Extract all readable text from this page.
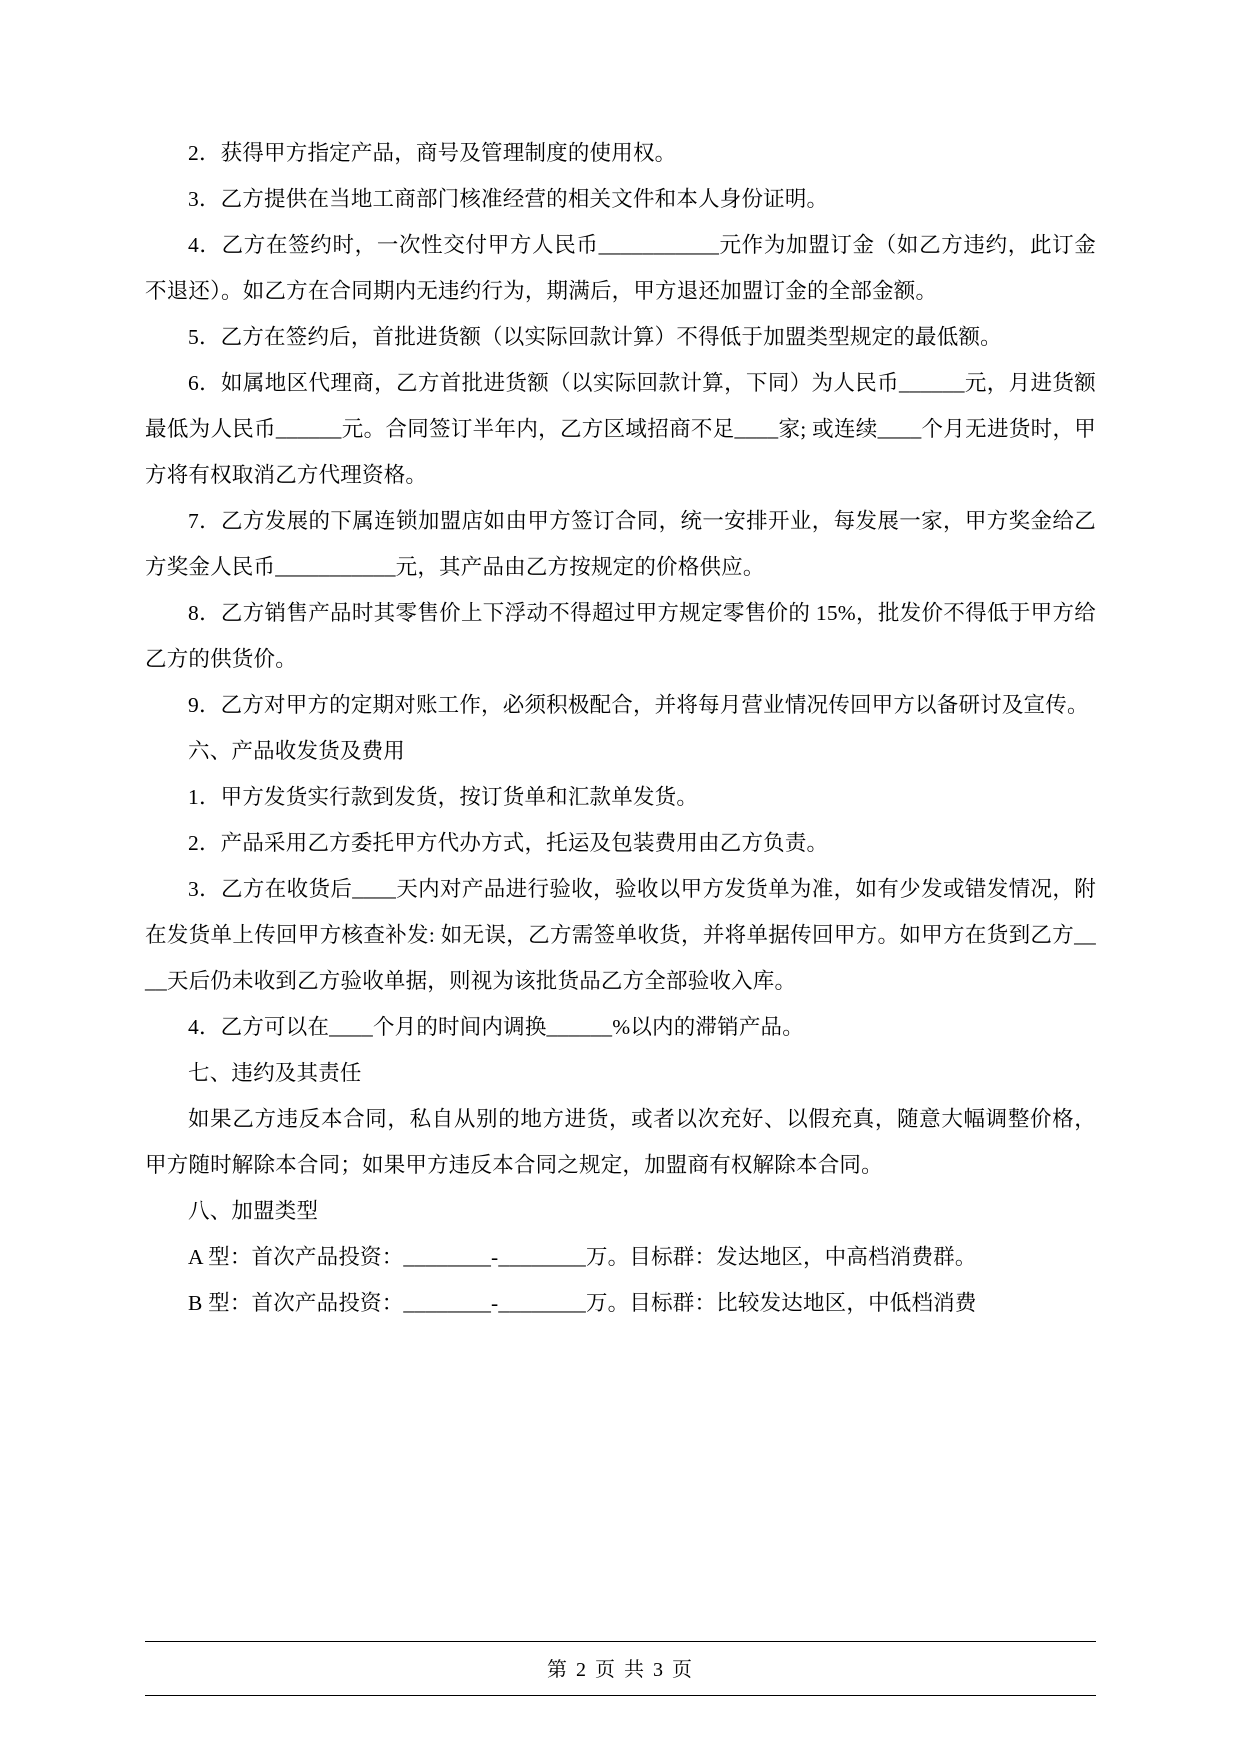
2．获得甲方指定产品，商号及管理制度的使用权。

3．乙方提供在当地工商部门核准经营的相关文件和本人身份证明。

4．乙方在签约时，一次性交付甲方人民币___________元作为加盟订金（如乙方违约，此订金不退还）。如乙方在合同期内无违约行为，期满后，甲方退还加盟订金的全部金额。

5．乙方在签约后，首批进货额（以实际回款计算）不得低于加盟类型规定的最低额。

6．如属地区代理商，乙方首批进货额（以实际回款计算，下同）为人民币______元，月进货额最低为人民币______元。合同签订半年内，乙方区域招商不足____家; 或连续____个月无进货时，甲方将有权取消乙方代理资格。

7．乙方发展的下属连锁加盟店如由甲方签订合同，统一安排开业，每发展一家，甲方奖金给乙方奖金人民币___________元，其产品由乙方按规定的价格供应。

8．乙方销售产品时其零售价上下浮动不得超过甲方规定零售价的 15%，批发价不得低于甲方给乙方的供货价。

9．乙方对甲方的定期对账工作，必须积极配合，并将每月营业情况传回甲方以备研讨及宣传。

六、产品收发货及费用

1．甲方发货实行款到发货，按订货单和汇款单发货。

2．产品采用乙方委托甲方代办方式，托运及包装费用由乙方负责。

3．乙方在收货后____天内对产品进行验收，验收以甲方发货单为准，如有少发或错发情况，附在发货单上传回甲方核查补发: 如无误，乙方需签单收货，并将单据传回甲方。如甲方在货到乙方____天后仍未收到乙方验收单据，则视为该批货品乙方全部验收入库。

4．乙方可以在____个月的时间内调换______%以内的滞销产品。

七、违约及其责任

如果乙方违反本合同，私自从别的地方进货，或者以次充好、以假充真，随意大幅调整价格，甲方随时解除本合同；如果甲方违反本合同之规定，加盟商有权解除本合同。

八、加盟类型

A 型：首次产品投资：________-________万。目标群：发达地区，中高档消费群。

B 型：首次产品投资：________-________万。目标群：比较发达地区，中低档消费

第 2 页 共 3 页
